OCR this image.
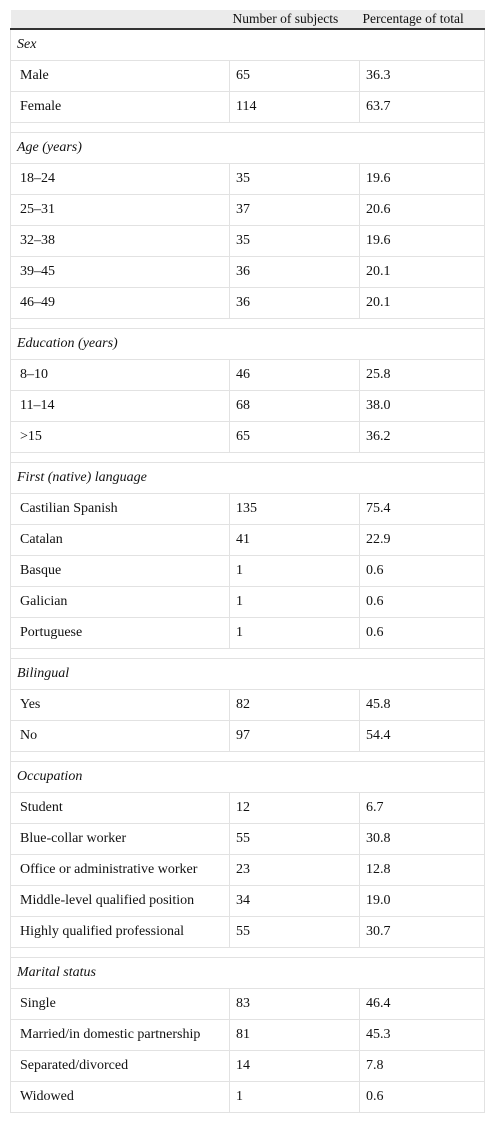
	Number of subjects	Percentage of total
Sex		
Male	65	36.3
Female	114	63.7

Age (years)		
18–24	35	19.6
25–31	37	20.6
32–38	35	19.6
39–45	36	20.1
46–49	36	20.1

Education (years)		
8–10	46	25.8
11–14	68	38.0
>15	65	36.2

First (native) language		
Castilian Spanish	135	75.4
Catalan	41	22.9
Basque	1	0.6
Galician	1	0.6
Portuguese	1	0.6

Bilingual		
Yes	82	45.8
No	97	54.4

Occupation		
Student	12	6.7
Blue-collar worker	55	30.8
Office or administrative worker	23	12.8
Middle-level qualified position	34	19.0
Highly qualified professional	55	30.7

Marital status		
Single	83	46.4
Married/in domestic partnership	81	45.3
Separated/divorced	14	7.8
Widowed	1	0.6
